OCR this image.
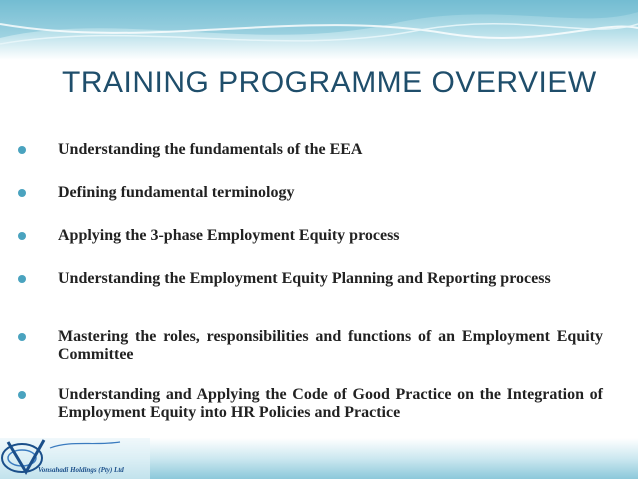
TRAINING PROGRAMME OVERVIEW
Understanding the fundamentals of the EEA
Defining fundamental terminology
Applying the 3-phase Employment Equity process
Understanding the Employment Equity Planning and Reporting process
Mastering the roles, responsibilities and functions of an Employment Equity Committee
Understanding and Applying the Code of Good Practice on the Integration of Employment Equity into HR Policies and Practice
Vonsahadi Holdings (Pty) Ltd
